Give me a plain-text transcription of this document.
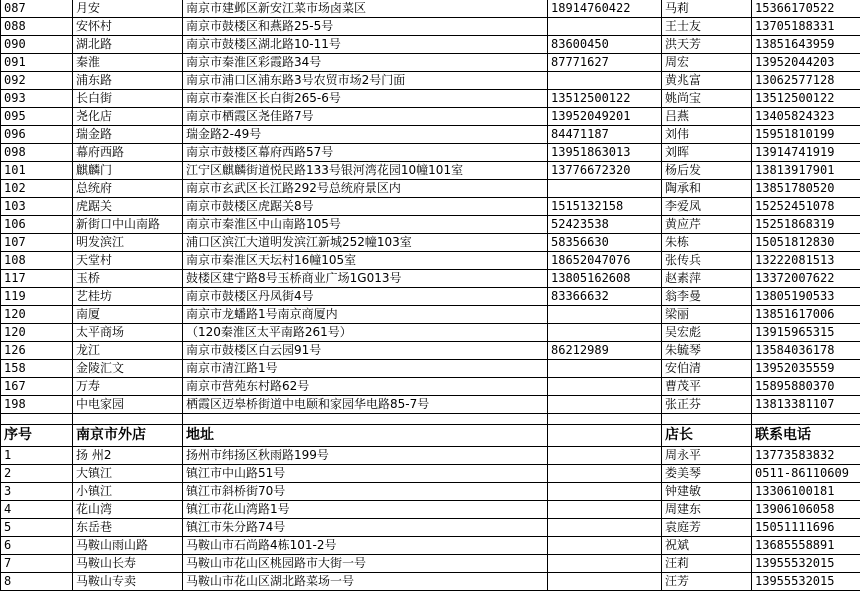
087	月安	南京市建邺区新安江菜市场卤菜区	18914760422	马莉	15366170522
088	安怀村	南京市鼓楼区和燕路25-5号		王士友	13705188331
090	湖北路	南京市鼓楼区湖北路10-11号	83600450	洪天芳	13851643959
091	秦淮	南京市秦淮区彩霞路34号	87771627	周宏	13952044203
092	浦东路	南京市浦口区浦东路3号农贸市场2号门面		黄兆富	13062577128
093	长白街	南京市秦淮区长白街265-6号	13512500122	姚尚宝	13512500122
095	尧化店	南京市栖霞区尧佳路7号	13952049201	吕燕	13405824323
096	瑞金路	瑞金路2-49号	84471187	刘伟	15951810199
098	幕府西路	南京市鼓楼区幕府西路57号	13951863013	刘晖	13914741919
101	麒麟门	江宁区麒麟街道悦民路133号银河湾花园10幢101室	13776672320	杨后发	13813917901
102	总统府	南京市玄武区长江路292号总统府景区内		陶承和	13851780520
103	虎踞关	南京市鼓楼区虎踞关8号	1515132158	李爱凤	15252451078
106	新街口中山南路	南京市秦淮区中山南路105号	52423538	黄应芹	15251868319
107	明发滨江	浦口区滨江大道明发滨江新城252幢103室	58356630	朱栋	15051812830
108	天堂村	南京市秦淮区天坛村16幢105室	18652047076	张传兵	13222081513
117	玉桥	鼓楼区建宁路8号玉桥商业广场1G013号	13805162608	赵素萍	13372007622
119	艺桂坊	南京市鼓楼区丹凤街4号	83366632	翁李曼	13805190533
120	南厦	南京市龙蟠路1号南京商厦内		梁丽	13851617006
120	太平商场	（120秦淮区太平南路261号）		吴宏彪	13915965315
126	龙江	南京市鼓楼区白云园91号	86212989	朱毓琴	13584036178
158	金陵汇文	南京市清江路1号		安伯清	13952035559
167	万寿	南京市营苑东村路62号		曹茂平	15895880370
198	中电家园	栖霞区迈皋桥街道中电颐和家园华电路85-7号		张正芬	13813381107

序号	南京市外店	地址		店长	联系电话
1	扬 州2	扬州市纬扬区秋雨路199号		周永平	13773583832
2	大镇江	镇江市中山路51号		娄美琴	0511-86110609
3	小镇江	镇江市斜桥街70号		钟建敏	13306100181
4	花山湾	镇江市花山湾路1号		周建东	13906106058
5	东岳巷	镇江市朱分路74号		袁庭芳	15051111696
6	马鞍山雨山路	马鞍山市石尚路4栋101-2号		祝斌	13685558891
7	马鞍山长寿	马鞍山市花山区桃园路市大街一号		汪莉	13955532015
8	马鞍山专卖	马鞍山市花山区湖北路菜场一号		汪芳	13955532015
